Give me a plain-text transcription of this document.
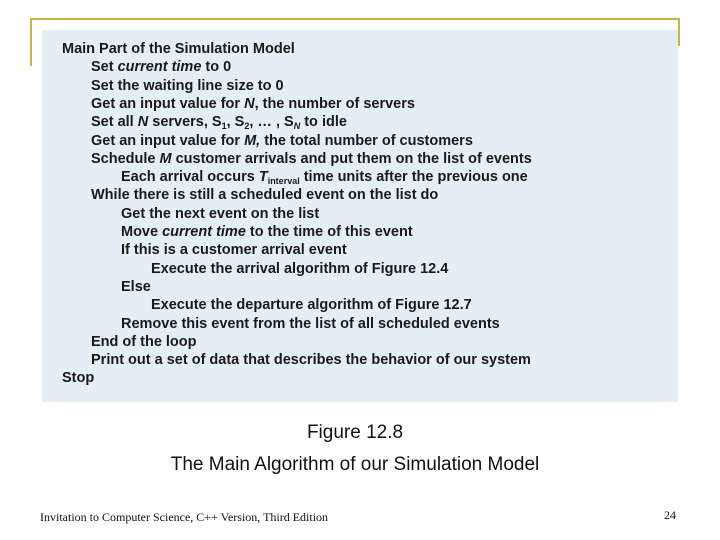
Main Part of the Simulation Model
Set current time to 0
Set the waiting line size to 0
Get an input value for N, the number of servers
Set all N servers, $S_1$, $S_2$, … , $S_N$ to idle
Get an input value for M, the total number of customers
Schedule M customer arrivals and put them on the list of events
Each arrival occurs $T_{interval}$ time units after the previous one
While there is still a scheduled event on the list do
Get the next event on the list
Move current time to the time of this event
If this is a customer arrival event
Execute the arrival algorithm of Figure 12.4
Else
Execute the departure algorithm of Figure 12.7
Remove this event from the list of all scheduled events
End of the loop
Print out a set of data that describes the behavior of our system
Stop
Figure 12.8
The Main Algorithm of our Simulation Model
Invitation to Computer Science, C++ Version, Third Edition	24
